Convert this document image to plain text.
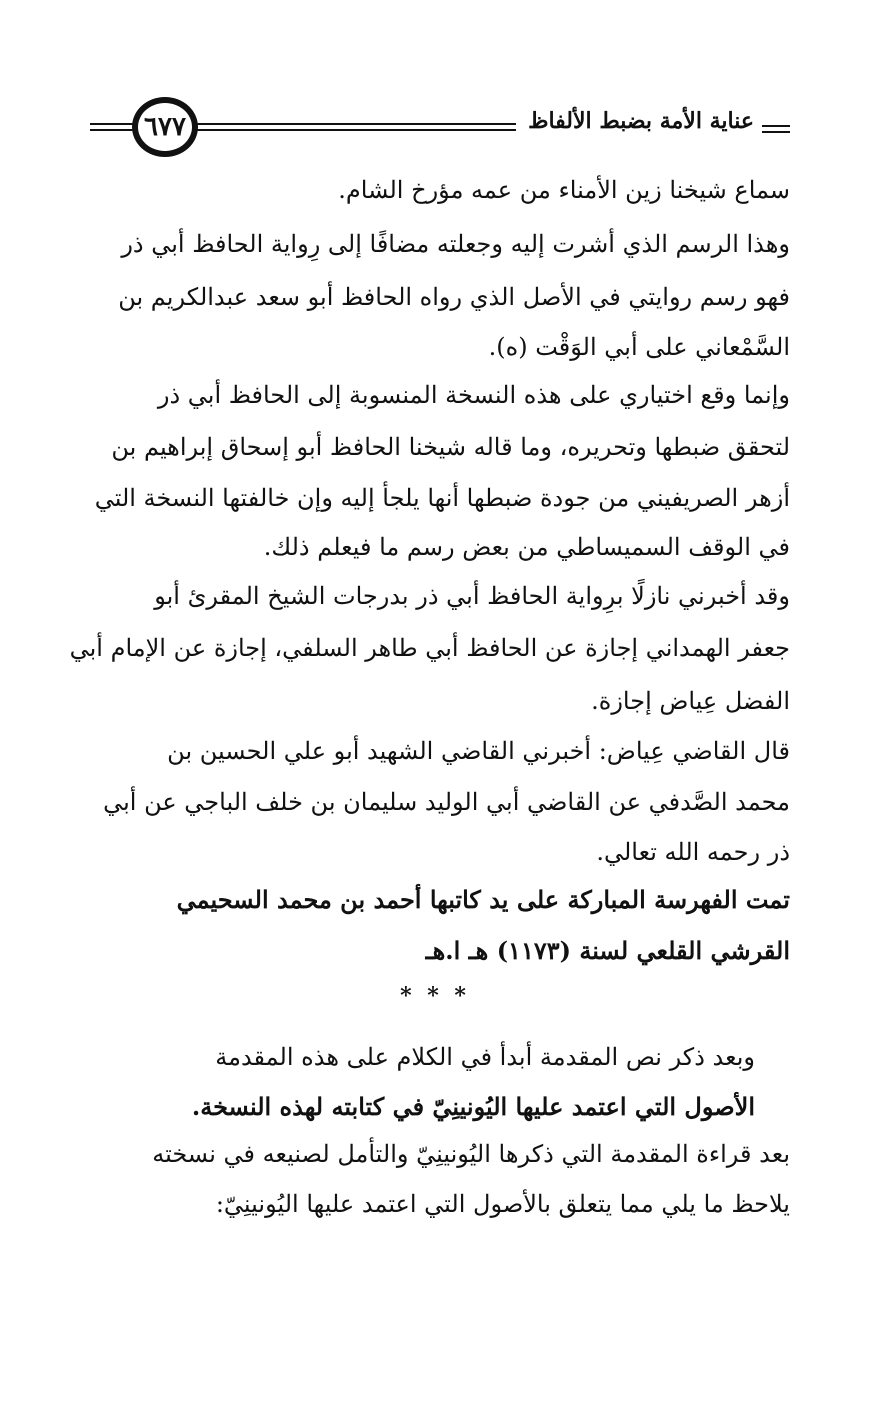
٦٧٧	عناية الأمة بضبط الألفاظ
سماع شيخنا زين الأمناء من عمه مؤرخ الشام.
وهذا الرسم الذي أشرت إليه وجعلته مضافًا إلى رِواية الحافظ أبي ذر
فهو رسم روايتي في الأصل الذي رواه الحافظ أبو سعد عبدالكريم بن
السَّمْعاني على أبي الوَقْت (ه).
وإنما وقع اختياري على هذه النسخة المنسوبة إلى الحافظ أبي ذر
لتحقق ضبطها وتحريره، وما قاله شيخنا الحافظ أبو إسحاق إبراهيم بن
أزهر الصريفيني من جودة ضبطها أنها يلجأ إليه وإن خالفتها النسخة التي
في الوقف السميساطي من بعض رسم ما فيعلم ذلك.
وقد أخبرني نازلًا برِواية الحافظ أبي ذر بدرجات الشيخ المقرئ أبو
جعفر الهمداني إجازة عن الحافظ أبي طاهر السلفي، إجازة عن الإمام أبي
الفضل عِياض إجازة.
قال القاضي عِياض: أخبرني القاضي الشهيد أبو علي الحسين بن
محمد الصَّدفي عن القاضي أبي الوليد سليمان بن خلف الباجي عن أبي
ذر رحمه الله تعالي.
تمت الفهرسة المباركة على يد كاتبها أحمد بن محمد السحيمي
القرشي القلعي لسنة (١١٧٣) هـ ا.هـ
* * *
وبعد ذكر نص المقدمة أبدأ في الكلام على هذه المقدمة
الأصول التي اعتمد عليها اليُونينِيّ في كتابته لهذه النسخة.
بعد قراءة المقدمة التي ذكرها اليُونينِيّ والتأمل لصنيعه في نسخته
يلاحظ ما يلي مما يتعلق بالأصول التي اعتمد عليها اليُونينِيّ:
